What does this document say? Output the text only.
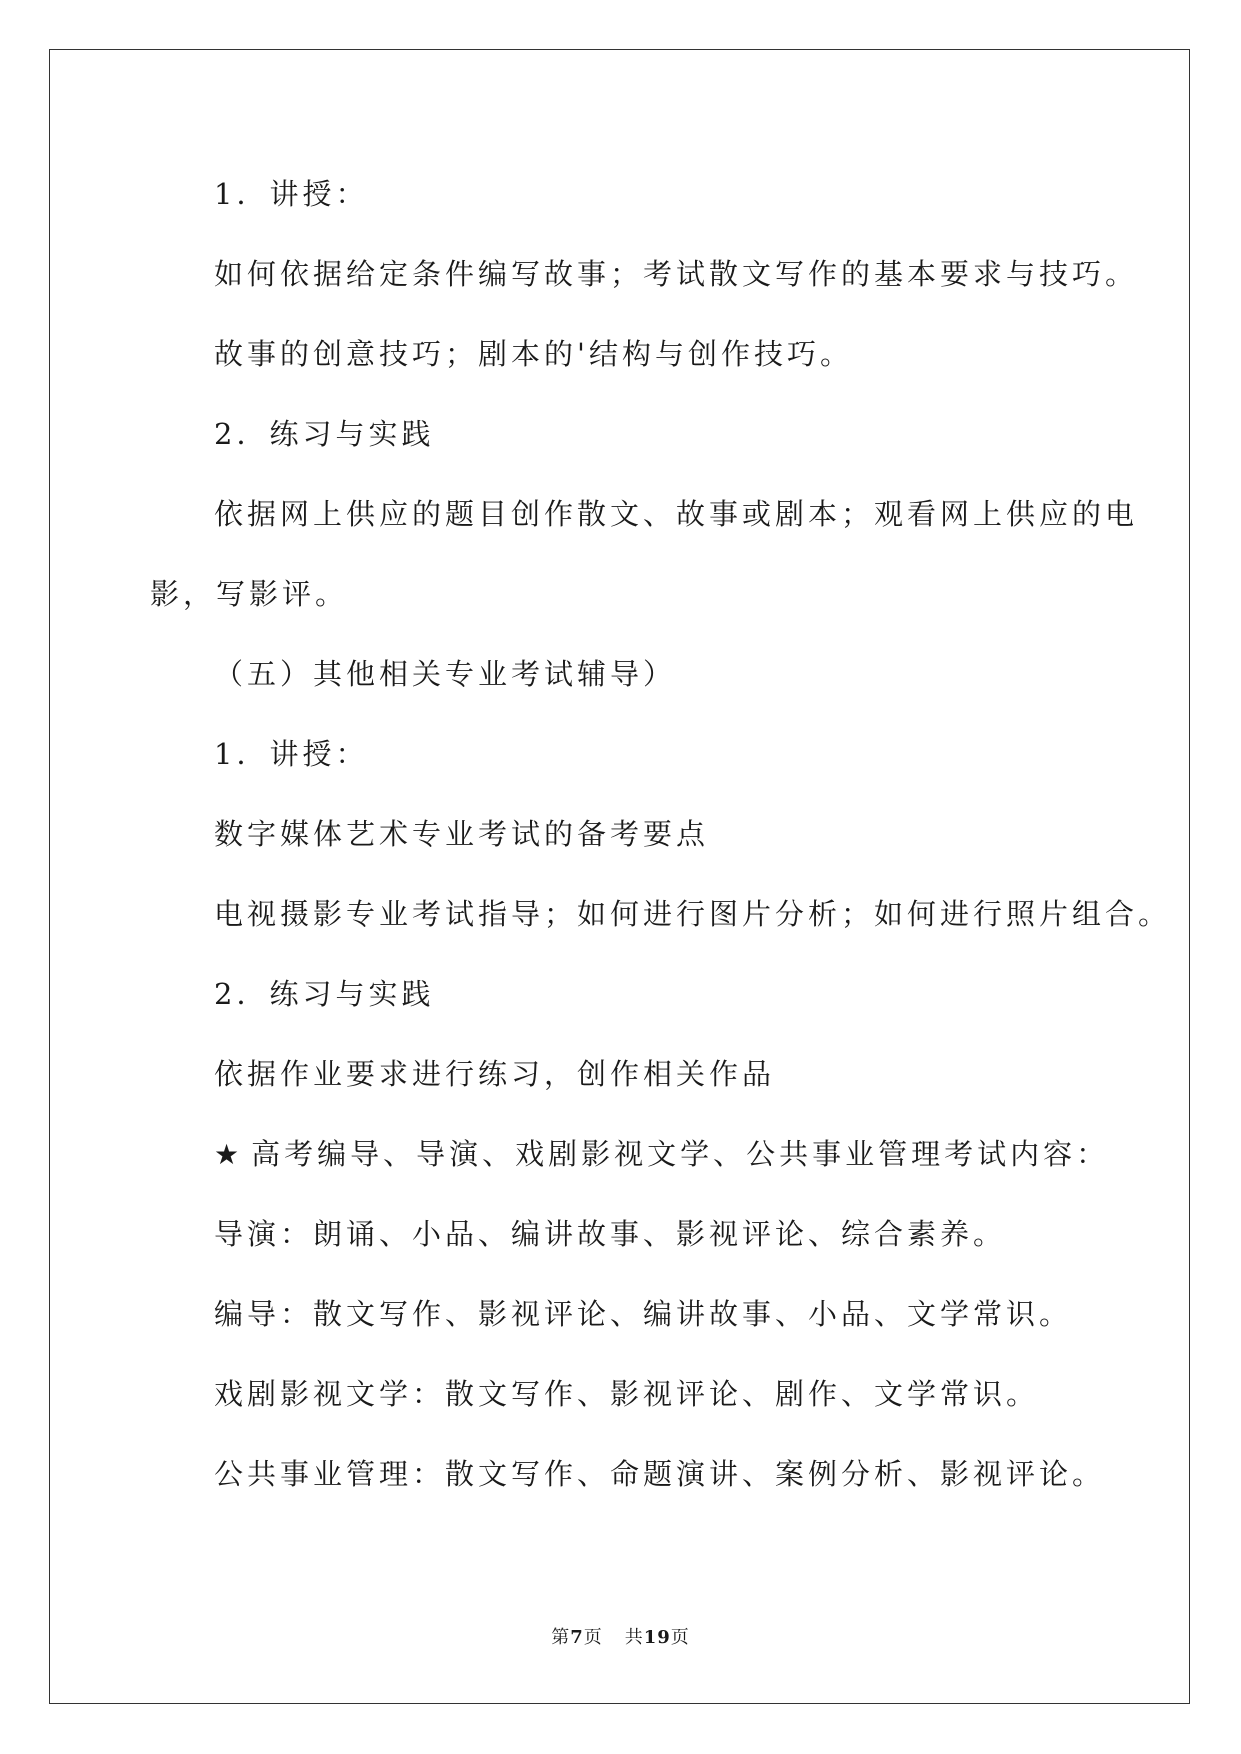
1．讲授：
如何依据给定条件编写故事；考试散文写作的基本要求与技巧。
故事的创意技巧；剧本的'结构与创作技巧。
2．练习与实践
依据网上供应的题目创作散文、故事或剧本；观看网上供应的电
影，写影评。
（五）其他相关专业考试辅导）
1．讲授：
数字媒体艺术专业考试的备考要点
电视摄影专业考试指导；如何进行图片分析；如何进行照片组合。
2．练习与实践
依据作业要求进行练习，创作相关作品
★ 高考编导、导演、戏剧影视文学、公共事业管理考试内容：
导演：朗诵、小品、编讲故事、影视评论、综合素养。
编导：散文写作、影视评论、编讲故事、小品、文学常识。
戏剧影视文学：散文写作、影视评论、剧作、文学常识。
公共事业管理：散文写作、命题演讲、案例分析、影视评论。
第7页 共19页
